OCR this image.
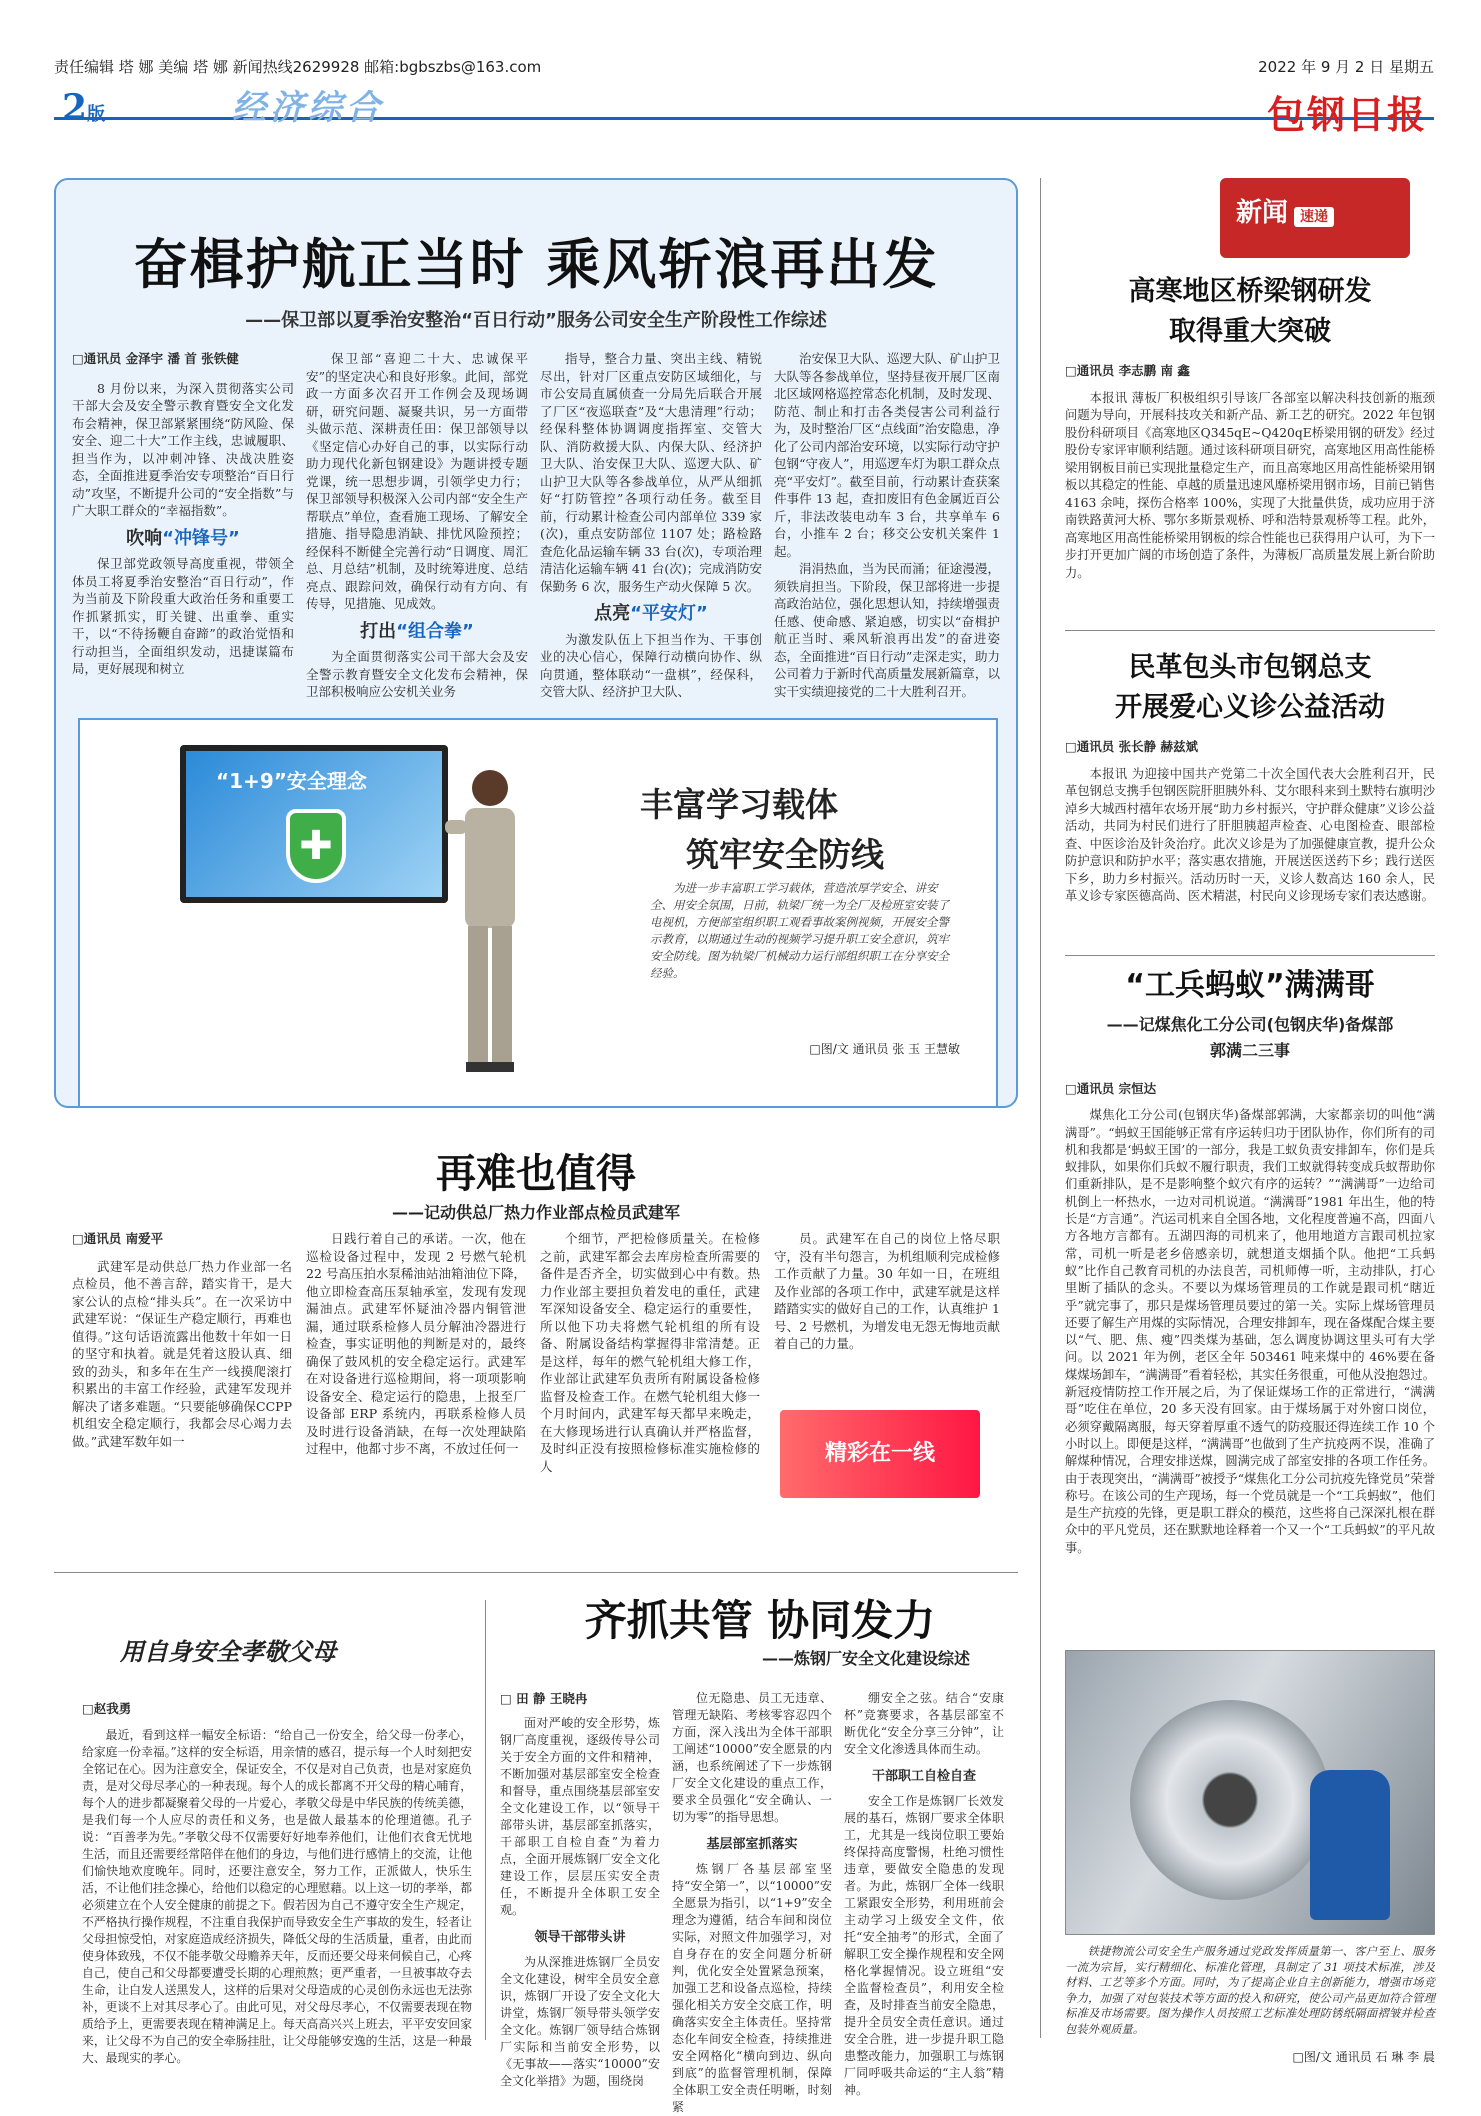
责任编辑 塔 娜 美编 塔 娜 新闻热线2629928 邮箱:bgbszbs@163.com	2022 年 9 月 2 日 星期五
2版	经济综合	包钢日报
奋楫护航正当时 乘风斩浪再出发
——保卫部以夏季治安整治“百日行动”服务公司安全生产阶段性工作综述
□通讯员 金泽宇 潘 首 张铁健

8 月份以来，为深入贯彻落实公司干部大会及安全警示教育暨安全文化发布会精神，保卫部紧紧围绕“防风险、保安全、迎二十大”工作主线，忠诚履职、担当作为，以冲刺冲锋、决战决胜姿态，全面推进夏季治安专项整治“百日行动”攻坚，不断提升公司的“安全指数”与广大职工群众的“幸福指数”。

吹响“冲锋号”

保卫部党政领导高度重视，带领全体员工将夏季治安整治“百日行动”，作为当前及下阶段重大政治任务和重要工作抓紧抓实，盯关键、出重拳、重实干，以“不待扬鞭自奋蹄”的政治觉悟和行动担当，全面组织发动，迅捷谋篇布局，更好展现和树立

保卫部“喜迎二十大、忠诚保平安”的坚定决心和良好形象。此间，部党政一方面多次召开工作例会及现场调研，研究问题、凝聚共识，另一方面带头做示范、深耕责任田：保卫部领导以《坚定信心办好自己的事，以实际行动助力现代化新包钢建设》为题讲授专题党课，统一思想步调，引领学史力行；保卫部领导积极深入公司内部“安全生产帮联点”单位，查看施工现场、了解安全措施、指导隐患消缺、排忧风险预控；经保科不断健全完善行动“日调度、周汇总、月总结”机制，及时统筹进度、总结亮点、跟踪问效，确保行动有方向、有传导，见措施、见成效。

打出“组合拳”

为全面贯彻落实公司干部大会及安全警示教育暨安全文化发布会精神，保卫部积极响应公安机关业务

指导，整合力量、突出主线、精锐尽出，针对厂区重点安防区域细化，与市公安局直属侦查一分局先后联合开展了厂区“夜巡联查”及“大患清理”行动；经保科整体协调调度指挥室、交管大队、消防救援大队、内保大队、经济护卫大队、治安保卫大队、巡逻大队、矿山护卫大队等各参战单位，从严从细抓好“打防管控”各项行动任务。截至目前，行动累计检查公司内部单位 339 家(次)，重点安防部位 1107 处；路检路查危化品运输车辆 33 台(次)，专项治理清洁化运输车辆 41 台(次)；完成消防安保勤务 6 次，服务生产动火保障 5 次。

点亮“平安灯”

为激发队伍上下担当作为、干事创业的决心信心，保障行动横向协作、纵向贯通，整体联动“一盘棋”，经保科，交管大队、经济护卫大队、

治安保卫大队、巡逻大队、矿山护卫大队等各参战单位，坚持昼夜开展厂区南北区域网格巡控常态化机制，及时发现、防范、制止和打击各类侵害公司利益行为，及时整治厂区“点线面”治安隐患，净化了公司内部治安环境，以实际行动守护包钢“守夜人”，用巡逻车灯为职工群众点亮“平安灯”。截至目前，行动累计查获案件事件 13 起，查扣废旧有色金属近百公斤，非法改装电动车 3 台，共享单车 6 台，小推车 2 台；移交公安机关案件 1 起。

涓涓热血，当为民而涌；征途漫漫，须铁肩担当。下阶段，保卫部将进一步提高政治站位，强化思想认知，持续增强责任感、使命感、紧迫感，切实以“奋楫护航正当时、乘风斩浪再出发”的奋进姿态，全面推进“百日行动”走深走实，助力公司着力于新时代高质量发展新篇章，以实干实绩迎接党的二十大胜利召开。

“1+9”安全理念
✚
丰富学习载体
筑牢安全防线
为进一步丰富职工学习载体，营造浓厚学安全、讲安全、用安全氛围，日前，轨梁厂统一为全厂及检班室安装了电视机，方便部室组织职工观看事故案例视频，开展安全警示教育，以期通过生动的视频学习提升职工安全意识，筑牢安全防线。图为轨梁厂机械动力运行部组织职工在分享安全经验。
□图/文 通讯员 张 玉 王慧敏
再难也值得
——记动供总厂热力作业部点检员武建军
□通讯员 南爱平

武建军是动供总厂热力作业部一名点检员，他不善言辞，踏实肯干，是大家公认的点检“排头兵”。在一次采访中武建军说：“保证生产稳定顺行，再难也值得。”这句话语流露出他数十年如一日的坚守和执着。就是凭着这股认真、细致的劲头，和多年在生产一线摸爬滚打积累出的丰富工作经验，武建军发现并解决了诸多难题。“只要能够确保CCPP机组安全稳定顺行，我都会尽心竭力去做。”武建军数年如一

日践行着自己的承诺。一次，他在巡检设备过程中，发现 2 号燃气轮机 22 号高压拍水泵稀油站油箱油位下降，他立即检查高压泵轴承室，发现有发现漏油点。武建军怀疑油冷器内铜管泄漏，通过联系检修人员分解油冷器进行检查，事实证明他的判断是对的，最终确保了鼓风机的安全稳定运行。武建军在对设备进行巡检期间，将一项项影响设备安全、稳定运行的隐患，上报至厂设备部 ERP 系统内，再联系检修人员及时进行设备消缺，在每一次处理缺陷过程中，他都寸步不离，不放过任何一

个细节，严把检修质量关。在检修之前，武建军都会去库房检查所需要的备件是否齐全，切实做到心中有数。热力作业部主要担负着发电的重任，武建军深知设备安全、稳定运行的重要性，所以他下功夫将燃气轮机组的所有设备、附属设备结构掌握得非常清楚。正是这样，每年的燃气轮机组大修工作，作业部让武建军负责所有附属设备检修监督及检查工作。在燃气轮机组大修一个月时间内，武建军每天都早来晚走，在大修现场进行认真确认并严格监督，及时纠正没有按照检修标准实施检修的人

员。武建军在自己的岗位上恪尽职守，没有半句怨言，为机组顺利完成检修工作贡献了力量。30 年如一日，在班组及作业部的各项工作中，武建军就是这样踏踏实实的做好自己的工作，认真维护 1 号、2 号燃机，为增发电无怨无悔地贡献着自己的力量。

精彩在一线
用自身安全孝敬父母
□赵我勇

最近，看到这样一幅安全标语：“给自己一份安全，给父母一份孝心，给家庭一份幸福。”这样的安全标语，用亲情的感召，提示每一个人时刻把安全铭记在心。因为注意安全，保证安全，不仅是对自己负责，也是对家庭负责，是对父母尽孝心的一种表现。每个人的成长都离不开父母的精心哺育，每个人的进步都凝聚着父母的一片爱心，孝敬父母是中华民族的传统美德，是我们每一个人应尽的责任和义务，也是做人最基本的伦理道德。孔子说：“百善孝为先。”孝敬父母不仅需要好好地奉养他们，让他们衣食无忧地生活，而且还需要经常陪伴在他们的身边，与他们进行感情上的交流，让他们愉快地欢度晚年。同时，还要注意安全，努力工作，正派做人，快乐生活，不让他们挂念操心，给他们以稳定的心理慰藉。以上这一切的孝举，都必须建立在个人安全健康的前提之下。假若因为自己不遵守安全生产规定，不严格执行操作规程，不注重自我保护而导致安全生产事故的发生，轻者让父母担惊受怕，对家庭造成经济损失，降低父母的生活质量，重者，由此而使身体致残，不仅不能孝敬父母赡养天年，反而还要父母来伺候自己，心疼自己，使自己和父母都要遭受长期的心理煎熬；更严重者，一旦被事故夺去生命，让白发人送黑发人，这样的后果对父母造成的心灵创伤永远也无法弥补，更谈不上对其尽孝心了。由此可见，对父母尽孝心，不仅需要表现在物质给予上，更需要表现在精神满足上。每天高高兴兴上班去，平平安安回家来，让父母不为自己的安全牵肠挂肚，让父母能够安逸的生活，这是一种最大、最现实的孝心。

齐抓共管 协同发力
——炼钢厂安全文化建设综述
□ 田 静 王晓冉

面对严峻的安全形势，炼钢厂高度重视，逐级传导公司关于安全方面的文件和精神，不断加强对基层部室安全检查和督导，重点围绕基层部室安全文化建设工作，以“领导干部带头讲，基层部室抓落实，干部职工自检自查”为着力点，全面开展炼钢厂安全文化建设工作，层层压实安全责任，不断提升全体职工安全观。

领导干部带头讲

为从深推进炼钢厂全员安全文化建设，树牢全员安全意识，炼钢厂开设了安全文化大讲堂，炼钢厂领导带头领学安全文化。炼钢厂领导结合炼钢厂实际和当前安全形势，以《无事故——落实“10000”安全文化举措》为题，围绕岗

位无隐患、员工无违章、管理无缺陷、考核零容忍四个方面，深入浅出为全体干部职工阐述“10000”安全愿景的内涵，也系统阐述了下一步炼钢厂安全文化建设的重点工作，要求全员强化“安全确认、一切为零”的指导思想。

基层部室抓落实

炼钢厂各基层部室坚持“安全第一”，以“10000”安全愿景为指引，以“1+9”安全理念为遵循，结合车间和岗位实际，对照文件加强学习，对自身存在的安全问题分析研判，优化安全处置紧急预案，加强工艺和设备点巡检，持续强化相关方安全交底工作，明确落实安全主体责任。坚持常态化车间安全检查，持续推进安全网格化“横向到边、纵向到底”的监督管理机制，保障全体职工安全责任明晰，时刻紧

绷安全之弦。结合“安康杯”竞赛要求，各基层部室不断优化“安全分享三分钟”，让安全文化渗透具体而生动。

干部职工自检自查

安全工作是炼钢厂长效发展的基石，炼钢厂要求全体职工，尤其是一线岗位职工要始终保持高度警惕，杜绝习惯性违章，要做安全隐患的发现者。为此，炼钢厂全体一线职工紧跟安全形势，利用班前会主动学习上级安全文件，依托“安全抽考”的形式，全面了解职工安全操作规程和安全网格化掌握情况。设立班组“安全监督检查员”，利用安全检查，及时排查当前安全隐患，提升全员安全责任意识。通过安全合胜，进一步提升职工隐患整改能力，加强职工与炼钢厂同呼吸共命运的“主人翁”精神。

新闻 速递
高寒地区桥梁钢研发
取得重大突破
□通讯员 李志鹏 南 鑫

本报讯 薄板厂积极组织引导该厂各部室以解决科技创新的瓶颈问题为导向，开展科技攻关和新产品、新工艺的研究。2022 年包钢股份科研项目《高寒地区Q345qE~Q420qE桥梁用钢的研发》经过股份专家评审顺利结题。通过该科研项目研究，高寒地区用高性能桥梁用钢板目前已实现批量稳定生产，而且高寒地区用高性能桥梁用钢板以其稳定的性能、卓越的质量迅速风靡桥梁用钢市场，目前已销售 4163 余吨，探伤合格率 100%，实现了大批量供货，成功应用于济南铁路黄河大桥、鄂尔多斯景观桥、呼和浩特景观桥等工程。此外，高寒地区用高性能桥梁用钢板的综合性能也已获得用户认可，为下一步打开更加广阔的市场创造了条件，为薄板厂高质量发展上新台阶助力。

民革包头市包钢总支
开展爱心义诊公益活动
□通讯员 张长静 赫兹斌

本报讯 为迎接中国共产党第二十次全国代表大会胜利召开，民革包钢总支携手包钢医院肝胆胰外科、艾尔眼科来到土默特右旗明沙淖乡大城西村禧年农场开展“助力乡村振兴，守护群众健康”义诊公益活动，共同为村民们进行了肝胆胰超声检查、心电图检查、眼部检查、中医诊治及针灸治疗。此次义诊是为了加强健康宣教，提升公众防护意识和防护水平；落实惠农措施，开展送医送药下乡；践行送医下乡，助力乡村振兴。活动历时一天，义诊人数高达 160 余人，民革义诊专家医德高尚、医术精湛，村民向义诊现场专家们表达感谢。

“工兵蚂蚁”满满哥
——记煤焦化工分公司(包钢庆华)备煤部
郭满二三事
□通讯员 宗恒达

煤焦化工分公司(包钢庆华)备煤部郭满，大家都亲切的叫他“满满哥”。“蚂蚁王国能够正常有序运转归功于团队协作，你们所有的司机和我都是‘蚂蚁王国’的一部分，我是工蚁负责安排卸车，你们是兵蚁排队，如果你们兵蚁不履行职责，我们工蚁就得转变成兵蚁帮助你们重新排队，是不是影响整个蚁穴有序的运转？”“满满哥”一边给司机倒上一杯热水，一边对司机说道。“满满哥”1981 年出生，他的特长是“方言通”。汽运司机来自全国各地，文化程度普遍不高，四面八方各地方言都有。五湖四海的司机来了，他用地道方言跟司机拉家常，司机一听是老乡倍感亲切，就想道支烟插个队。他把“工兵蚂蚁”比作自己教育司机的办法良苦，司机师傅一听，主动排队，打心里断了插队的念头。不要以为煤场管理员的工作就是跟司机“瞎近乎”就完事了，那只是煤场管理员要过的第一关。实际上煤场管理员还要了解生产用煤的实际情况，合理安排卸车，现在备煤配合煤主要以“气、肥、焦、瘦”四类煤为基础，怎么调度协调这里头可有大学问。以 2021 年为例，老区全年 503461 吨来煤中的 46%要在备煤煤场卸车，“满满哥”看着轻松，其实任务很重，可他从没抱怨过。新冠疫情防控工作开展之后，为了保证煤场工作的正常进行，“满满哥”吃住在单位，20 多天没有回家。由于煤场属于对外窗口岗位，必须穿戴隔离服，每天穿着厚重不透气的防疫服还得连续工作 10 个小时以上。即便是这样，“满满哥”也做到了生产抗疫两不误，准确了解煤种情况，合理安排送煤，圆满完成了部室安排的各项工作任务。由于表现突出，“满满哥”被授予“煤焦化工分公司抗疫先锋党员”荣誉称号。在该公司的生产现场，每一个党员就是一个“工兵蚂蚁”，他们是生产抗疫的先锋，更是职工群众的模范，这些将自己深深扎根在群众中的平凡党员，还在默默地诠释着一个又一个“工兵蚂蚁”的平凡故事。

铁捷物流公司安全生产服务通过党政发挥质量第一、客户至上、服务一流为宗旨，实行精细化、标准化管理，具制定了 31 项技术标准，涉及材料、工艺等多个方面。同时，为了提高企业自主创新能力，增强市场竞争力，加强了对包装技术等方面的投入和研究，使公司产品更加符合管理标准及市场需要。图为操作人员按照工艺标准处理防锈纸隔面褶皱并检查包装外观质量。

□图/文 通讯员 石 琳 李 晨
